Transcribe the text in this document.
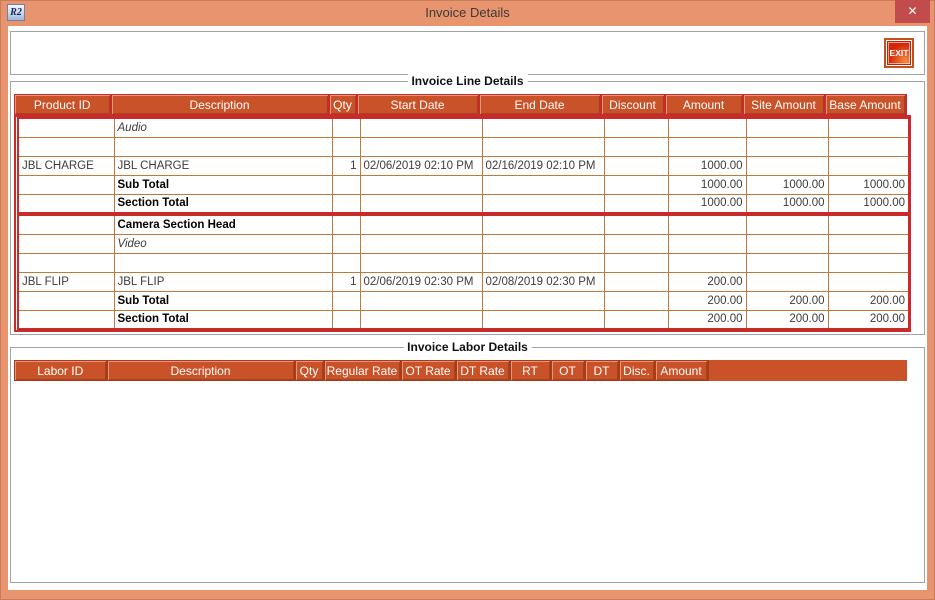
R2	Invoice Details	✕
EXIT
Invoice Line Details
Product ID	Description	Qty	Start Date	End Date	Discount	Amount	Site Amount	Base Amount
	Audio							

JBL CHARGE	JBL CHARGE	1	02/06/2019 02:10 PM	02/16/2019 02:10 PM		1000.00		
	Sub Total					1000.00	1000.00	1000.00
	Section Total					1000.00	1000.00	1000.00
	Camera Section Head							
	Video							

JBL FLIP	JBL FLIP	1	02/06/2019 02:30 PM	02/08/2019 02:30 PM		200.00		
	Sub Total					200.00	200.00	200.00
	Section Total					200.00	200.00	200.00
Invoice Labor Details
Labor ID	Description	Qty	Regular Rate	OT Rate	DT Rate	RT	OT	DT	Disc.	Amount	
